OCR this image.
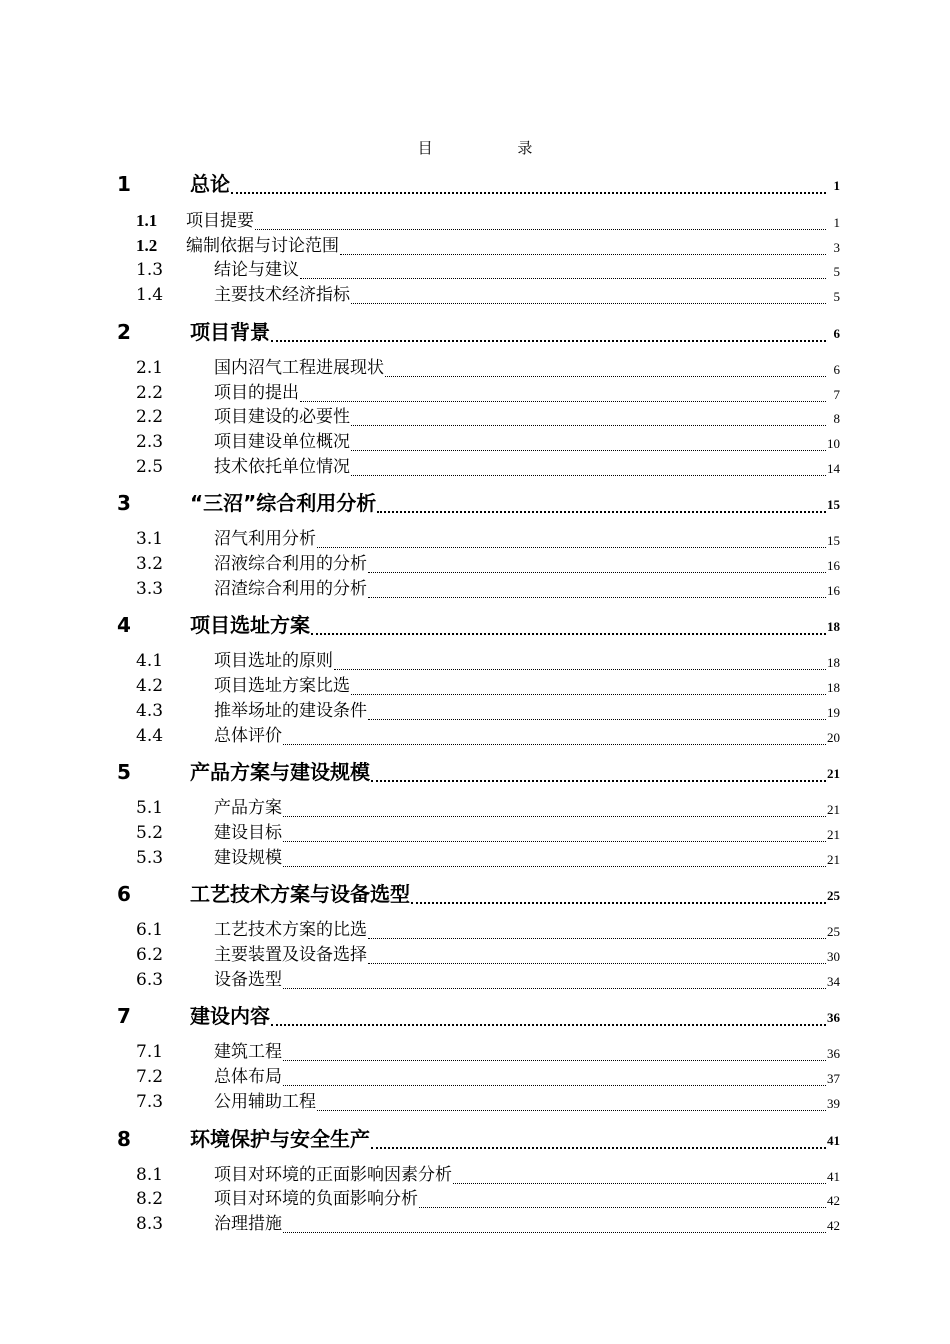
目 录
1	总论	1
1.1 项目提要	1
1.2 编制依据与讨论范围	3
1.3	结论与建议	5
1.4	主要技术经济指标	5
2	项目背景	6
2.1	国内沼气工程进展现状	6
2.2	项目的提出	7
2.2	项目建设的必要性	8
2.3	项目建设单位概况	10
2.5	技术依托单位情况	14
3	“三沼”综合利用分析	15
3.1	沼气利用分析	15
3.2	沼液综合利用的分析	16
3.3	沼渣综合利用的分析	16
4	项目选址方案	18
4.1	项目选址的原则	18
4.2	项目选址方案比选	18
4.3	推举场址的建设条件	19
4.4	总体评价	20
5	产品方案与建设规模	21
5.1	产品方案	21
5.2	建设目标	21
5.3	建设规模	21
6	工艺技术方案与设备选型	25
6.1	工艺技术方案的比选	25
6.2	主要装置及设备选择	30
6.3	设备选型	34
7	建设内容	36
7.1	建筑工程	36
7.2	总体布局	37
7.3	公用辅助工程	39
8	环境保护与安全生产	41
8.1	项目对环境的正面影响因素分析	41
8.2	项目对环境的负面影响分析	42
8.3	治理措施	42
